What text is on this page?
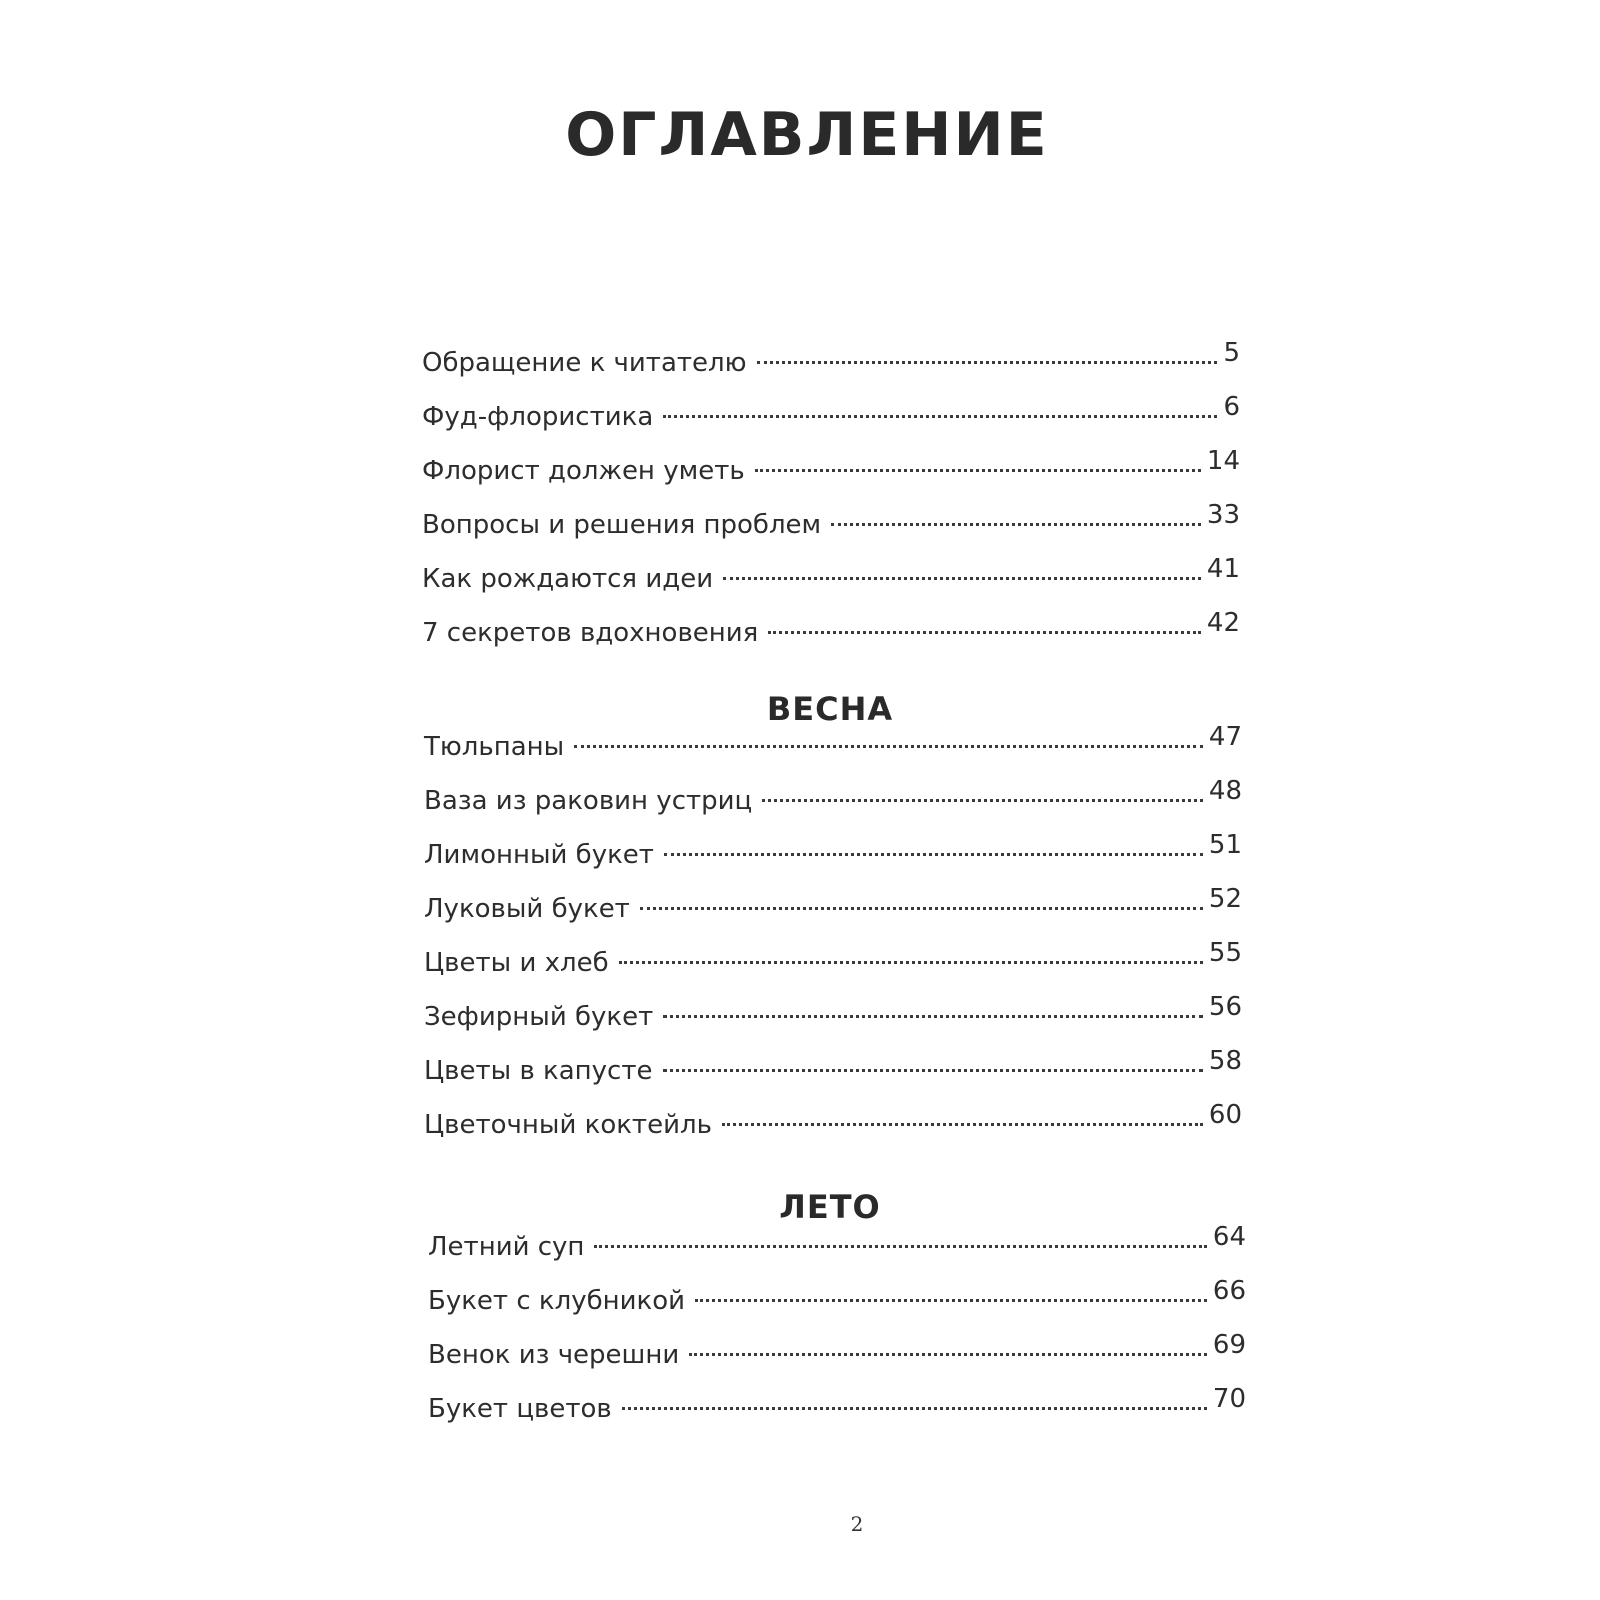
ОГЛАВЛЕНИЕ
Обращение к читателю	5
Фуд-флористика	6
Флорист должен уметь	14
Вопросы и решения проблем	33
Как рождаются идеи	41
7 секретов вдохновения	42
ВЕСНА
Тюльпаны	47
Ваза из раковин устриц	48
Лимонный букет	51
Луковый букет	52
Цветы и хлеб	55
Зефирный букет	56
Цветы в капусте	58
Цветочный коктейль	60
ЛЕТО
Летний суп	64
Букет с клубникой	66
Венок из черешни	69
Букет цветов	70
2
